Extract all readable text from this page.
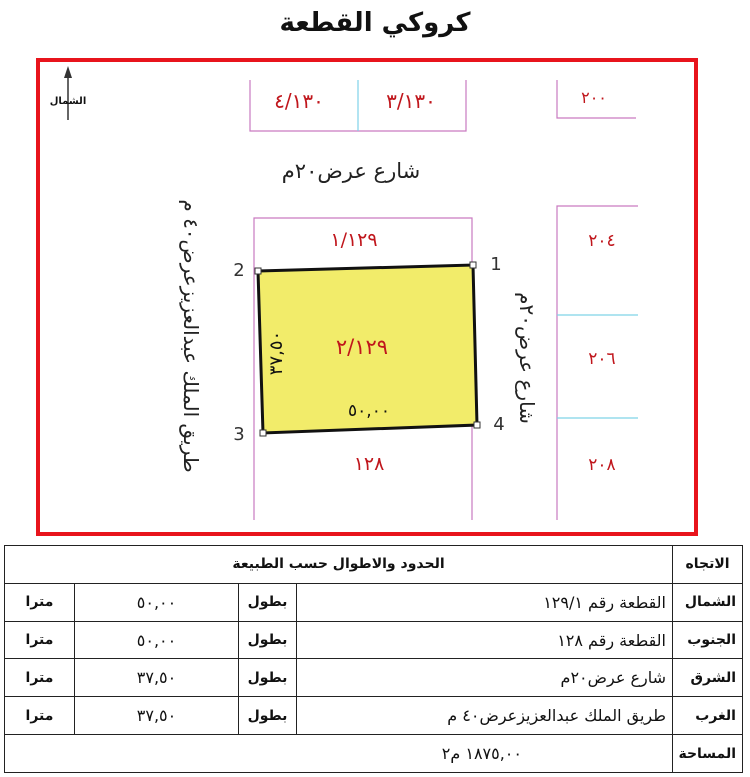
كروكي القطعة
الشمال	٤/١٣٠	٣/١٣٠	٢٠٠
شارع عرض٢٠م
٢٠٤
٢٠٦
٢٠٨
1
2
3	4
١/١٢٩
٢/١٢٩
١٢٨
٥٠,٠٠
٣٧,٥٠
طريق الملك عبدالعزيزعرض٤٠ م	شارع عرض٢٠م
الاتجاه	الحدود والاطوال حسب الطبيعة			
الشمال	القطعة رقم ١٢٩/١	بطول	٥٠,٠٠	مترا
الجنوب	القطعة رقم ١٢٨	بطول	٥٠,٠٠	مترا
الشرق	شارع عرض٢٠م	بطول	٣٧,٥٠	مترا
الغرب	طريق الملك عبدالعزيزعرض٤٠ م	بطول	٣٧,٥٠	مترا
المساحة	١٨٧٥,٠٠ م٢			
